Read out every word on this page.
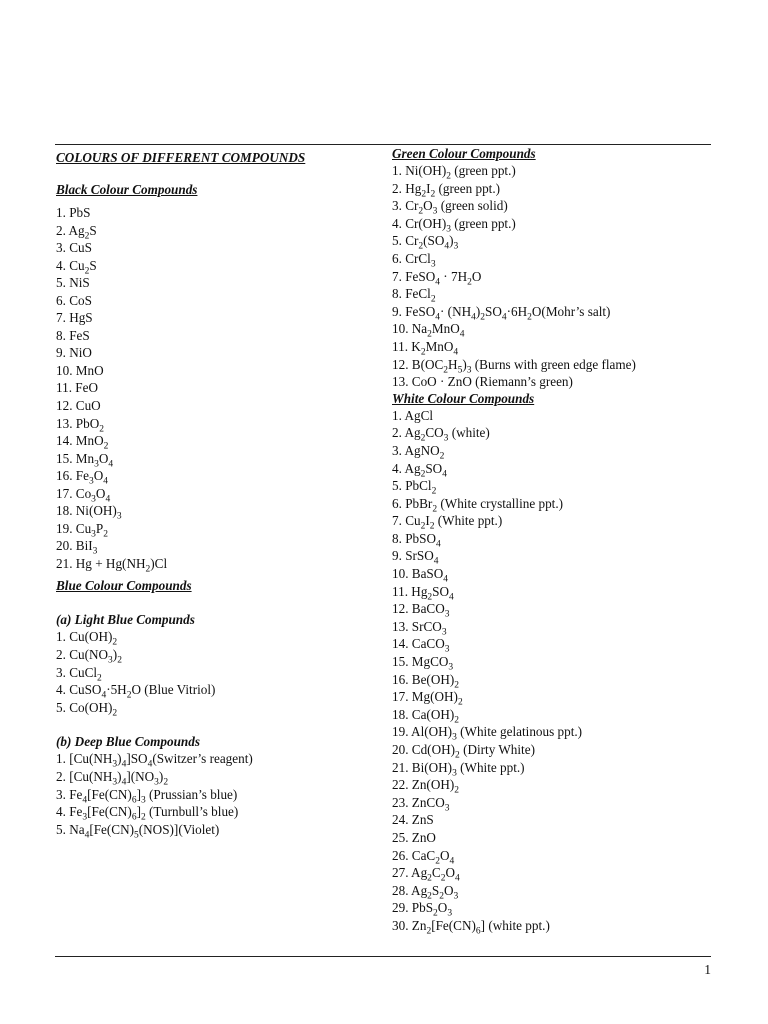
COLOURS OF DIFFERENT COMPOUNDS

Black Colour Compounds

1. PbS
2. $Ag_2S$
3. CuS
4. $Cu_2S$
5. NiS
6. CoS
7. HgS
8. FeS
9. NiO
10. MnO
11. FeO
12. CuO
13. PbO$_2$
14. MnO$_2$
15. $Mn_3O_4$
16. $Fe_3O_4$
17. $Co_3O_4$
18. $Ni(OH)_3$
19. $Cu_3P_2$
20. BiI$_3$
21. $Hg + Hg(NH_2)Cl$

Blue Colour Compounds

(a) Light Blue Compunds

1. $Cu(OH)_2$
2. $Cu(NO_3)_2$
3. CuCl$_2$
4. $CuSO_4\cdot 5H_2O$ (Blue Vitriol)
5. $Co(OH)_2$

(b) Deep Blue Compounds

1. $[Cu(NH_3)_4]SO_4(Switzer’s$ reagent)
2. $[Cu(NH_3)_4](NO_3)_2$
3. $Fe_4[Fe(CN)_6]_3$ (Prussian’s blue)
4. $Fe_3[Fe(CN)_6]_2$ (Turnbull’s blue)
5. $Na_4[Fe(CN)_5(NOS)](Violet)$

Green Colour Compounds

1. $Ni(OH)_2$ (green ppt.)
2. $Hg_2I_2$ (green ppt.)
3. $Cr_2O_3$ (green solid)
4. $Cr(OH)_3$ (green ppt.)
5. $Cr_2(SO_4)_3$
6. CrCl$_3$
7. FeSO$_4$ · $7H_2O$
8. FeCl$_2$
9. FeSO$_4$· $(NH_4)_2SO_4\cdot 6H_2O(Mohr’s$ salt)
10. $Na_2MnO_4$
11. $K_2MnO_4$
12. $B(OC_2H_5)_3$ (Burns with green edge flame)
13. CoO · ZnO (Riemann’s green)

White Colour Compounds

1. AgCl
2. $Ag_2CO_3$ (white)
3. AgNO$_2$
4. $Ag_2SO_4$
5. PbCl$_2$
6. PbBr$_2$ (White crystalline ppt.)
7. $Cu_2I_2$ (White ppt.)
8. PbSO$_4$
9. SrSO$_4$
10. BaSO$_4$
11. $Hg_2SO_4$
12. BaCO$_3$
13. SrCO$_3$
14. CaCO$_3$
15. MgCO$_3$
16. $Be(OH)_2$
17. $Mg(OH)_2$
18. $Ca(OH)_2$
19. $Al(OH)_3$ (White gelatinous ppt.)
20. $Cd(OH)_2$ (Dirty White)
21. $Bi(OH)_3$ (White ppt.)
22. $Zn(OH)_2$
23. ZnCO$_3$
24. ZnS
25. ZnO
26. $CaC_2O_4$
27. $Ag_2C_2O_4$
28. $Ag_2S_2O_3$
29. $PbS_2O_3$
30. $Zn_2[Fe(CN)_6]$ (white ppt.)
1
